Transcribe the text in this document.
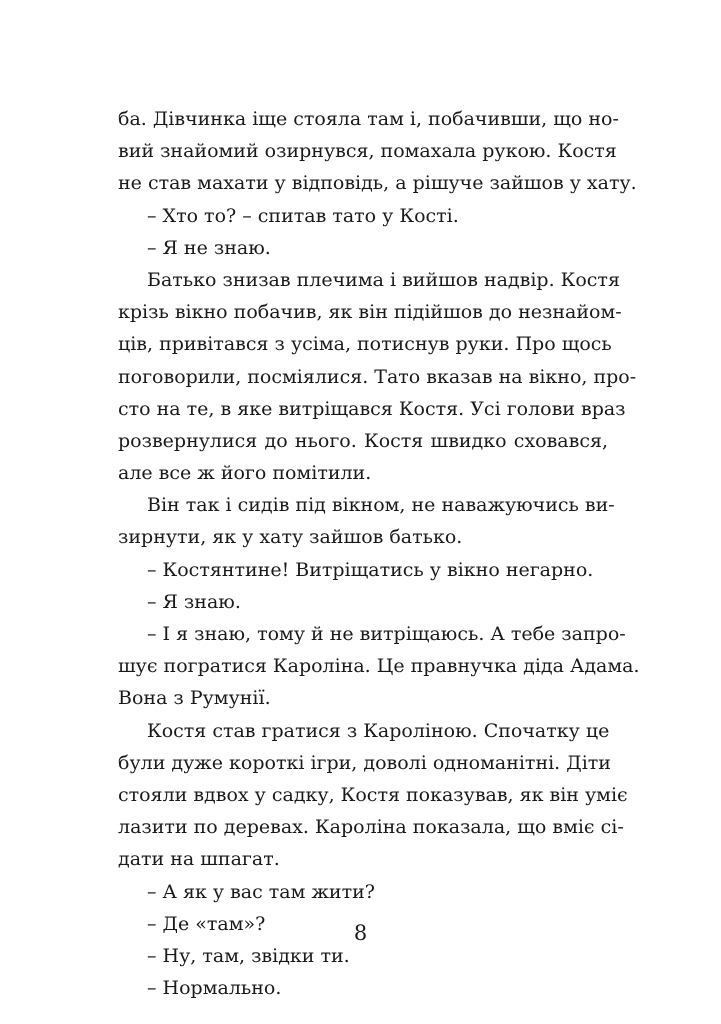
ба. Дівчинка іще стояла там і, побачивши, що но-
вий знайомий озирнувся, помахала рукою. Костя
не став махати у відповідь, а рішуче зайшов у хату.
– Хто то? – спитав тато у Кості.
– Я не знаю.
Батько знизав плечима і вийшов надвір. Костя
крізь вікно побачив, як він підійшов до незнайом-
ців, привітався з усіма, потиснув руки. Про щось
поговорили, посміялися. Тато вказав на вікно, про-
сто на те, в яке витріщався Костя. Усі голови враз
розвернулися до нього. Костя швидко сховався,
але все ж його помітили.
Він так і сидів під вікном, не наважуючись ви-
зирнути, як у хату зайшов батько.
– Костянтине! Витріщатись у вікно негарно.
– Я знаю.
– І я знаю, тому й не витріщаюсь. А тебе запро-
шує погратися Кароліна. Це правнучка діда Адама.
Вона з Румунії.
Костя став гратися з Кароліною. Спочатку це
були дуже короткі ігри, доволі одноманітні. Діти
стояли вдвох у садку, Костя показував, як він уміє
лазити по деревах. Кароліна показала, що вміє сі-
дати на шпагат.
– А як у вас там жити?
– Де «там»?
– Ну, там, звідки ти.
– Нормально.
8
